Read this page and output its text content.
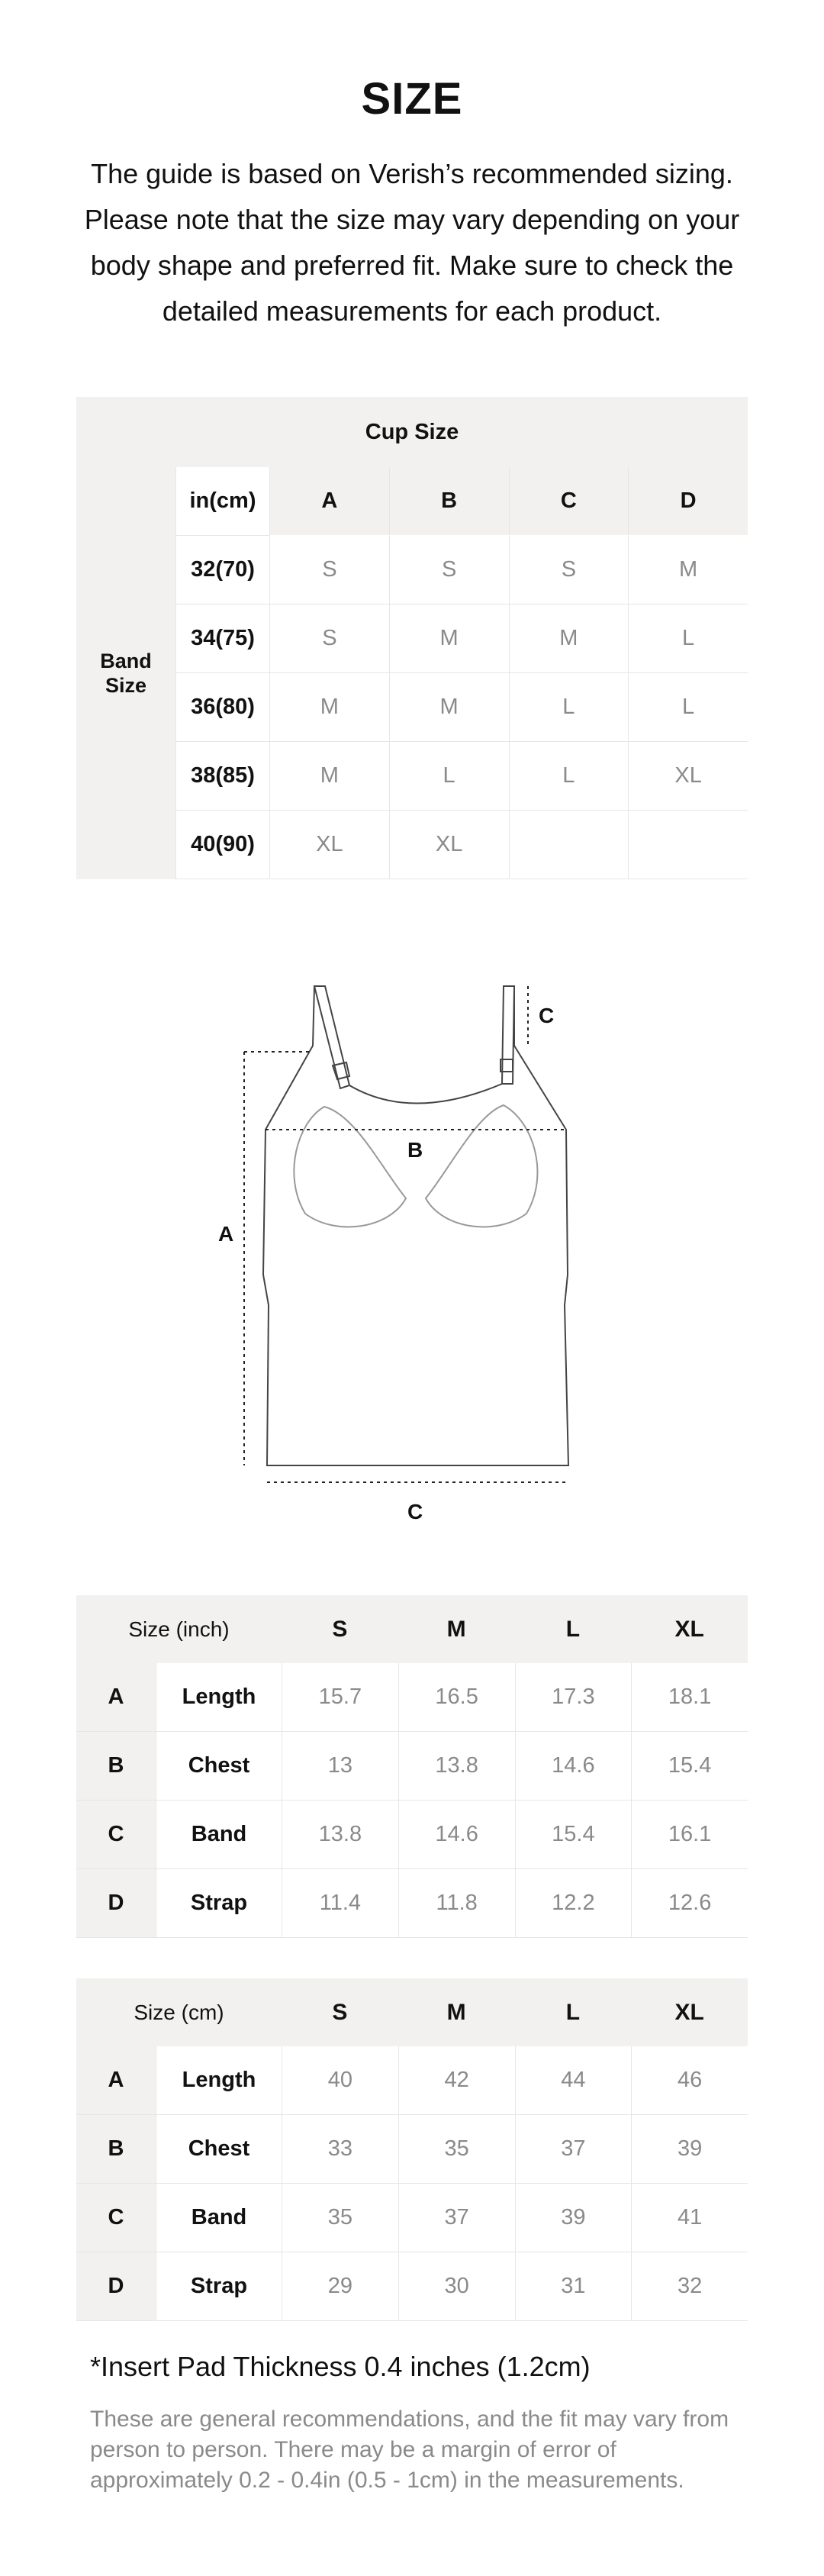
SIZE
The guide is based on Verish’s recommended sizing. Please note that the size may vary depending on your body shape and preferred fit. Make sure to check the detailed measurements for each product.
Cup Size
Band Size
in(cm)	A	B	C	D
32(70)	S	S	S	M
34(75)	S	M	M	L
36(80)	M	M	L	L
38(85)	M	L	L	XL
40(90)	XL	XL
A
B
C
C
Size (inch)	S	M	L	XL
A	Length	15.7	16.5	17.3	18.1
B	Chest	13	13.8	14.6	15.4
C	Band	13.8	14.6	15.4	16.1
D	Strap	11.4	11.8	12.2	12.6
Size (cm)	S	M	L	XL
A	Length	40	42	44	46
B	Chest	33	35	37	39
C	Band	35	37	39	41
D	Strap	29	30	31	32
*Insert Pad Thickness 0.4 inches (1.2cm)
These are general recommendations, and the fit may vary from person to person. There may be a margin of error of approximately 0.2 - 0.4in (0.5 - 1cm) in the measurements.
